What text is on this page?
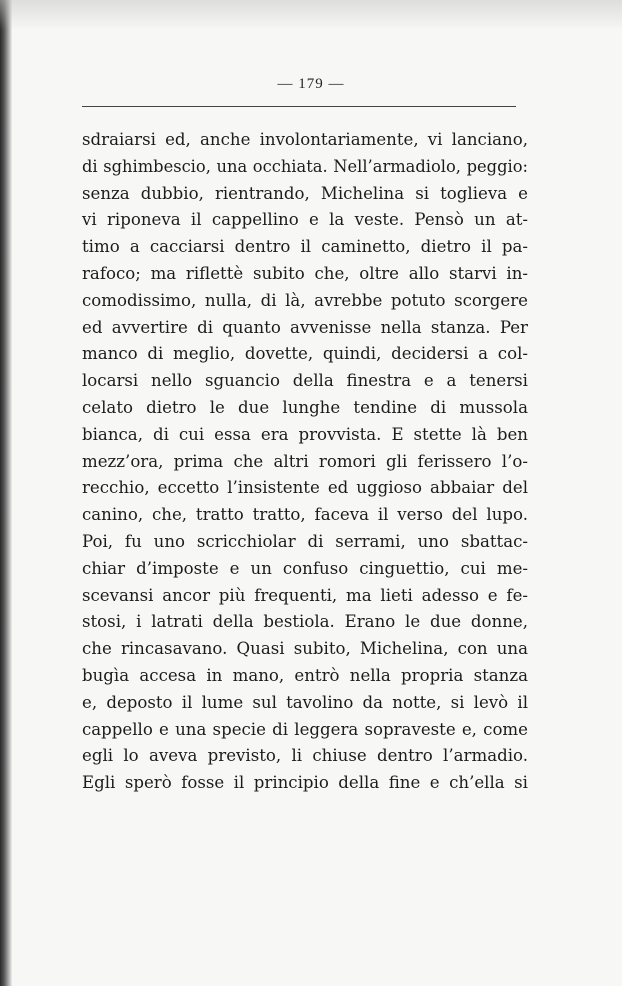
— 179 —
sdraiarsi ed, anche involontariamente, vi lanciano,
di sghimbescio, una occhiata. Nell’armadiolo, peggio:
senza dubbio, rientrando, Michelina si toglieva e
vi riponeva il cappellino e la veste. Pensò un at-
timo a cacciarsi dentro il caminetto, dietro il pa-
rafoco; ma riflettè subito che, oltre allo starvi in-
comodissimo, nulla, di là, avrebbe potuto scorgere
ed avvertire di quanto avvenisse nella stanza. Per
manco di meglio, dovette, quindi, decidersi a col-
locarsi nello sguancio della finestra e a tenersi
celato dietro le due lunghe tendine di mussola
bianca, di cui essa era provvista. E stette là ben
mezz’ora, prima che altri romori gli ferissero l’o-
recchio, eccetto l’insistente ed uggioso abbaiar del
canino, che, tratto tratto, faceva il verso del lupo.
Poi, fu uno scricchiolar di serrami, uno sbattac-
chiar d’imposte e un confuso cinguettio, cui me-
scevansi ancor più frequenti, ma lieti adesso e fe-
stosi, i latrati della bestiola. Erano le due donne,
che rincasavano. Quasi subito, Michelina, con una
bugìa accesa in mano, entrò nella propria stanza
e, deposto il lume sul tavolino da notte, si levò il
cappello e una specie di leggera sopraveste e, come
egli lo aveva previsto, li chiuse dentro l’armadio.
Egli sperò fosse il principio della fine e ch’ella si
